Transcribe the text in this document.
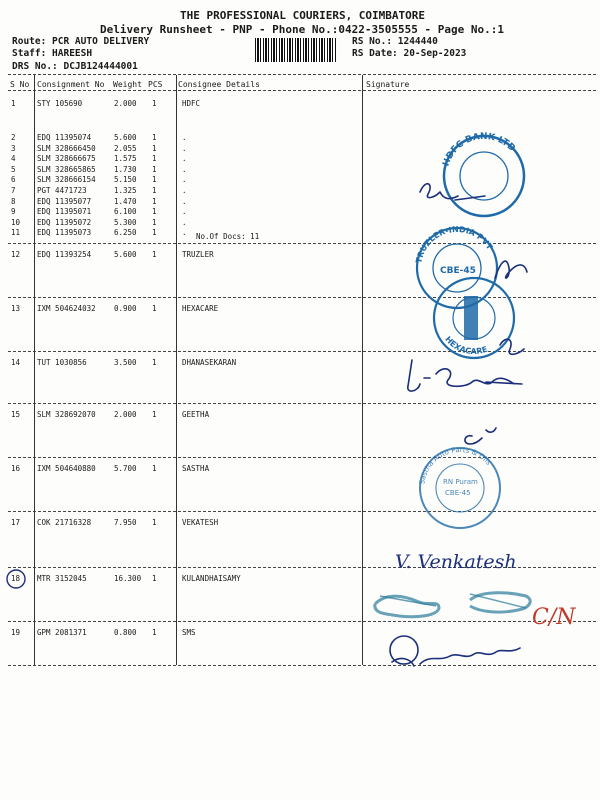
THE PROFESSIONAL COURIERS, COIMBATORE
Delivery Runsheet - PNP - Phone No.:0422-3505555 - Page No.:1
Route: PCR AUTO DELIVERY
Staff: HAREESH
DRS No.: DCJB124444001
RS No.: 1244440
RS Date: 20-Sep-2023
S No Consignment No Weight PCS Consignee Details	Signature
1	STY 105690	2.000 1	HDFC
2	EDQ 11395074	5.600 1	.
3	SLM 328666450 2.055 1	.
4	SLM 328666675 1.575 1	.
5	SLM 328665865 1.730 1	.
6	SLM 328666154 5.150 1	.
7	PGT 4471723	1.325 1	.
8	EDQ 11395077	1.470 1	.
9	EDQ 11395071	6.100 1	.
10 EDQ 11395072	5.300 1	.
11 EDQ 11395073	6.250 1	. No.Of Docs: 11
12 EDQ 11393254	5.600 1	TRUZLER
13 IXM 504624032 0.900 1	HEXACARE
14 TUT 1030856	3.500 1	DHANASEKARAN
15 SLM 328692070 2.000 1	GEETHA
16 IXM 504640880 5.700 1	SASTHA
17 COK 21716328	7.950 1	VEKATESH
18 MTR 3152045	16.300 1	KULANDHAISAMY
19 GPM 2081371	0.800 1	SMS
HDFC BANK LTD
TRUZLER-INDIA PVT
CBE-45
HEXACARE
Sastha Auto Parts & Oils
RN Puram
CBE-45
V. Venkatesh
C/N
